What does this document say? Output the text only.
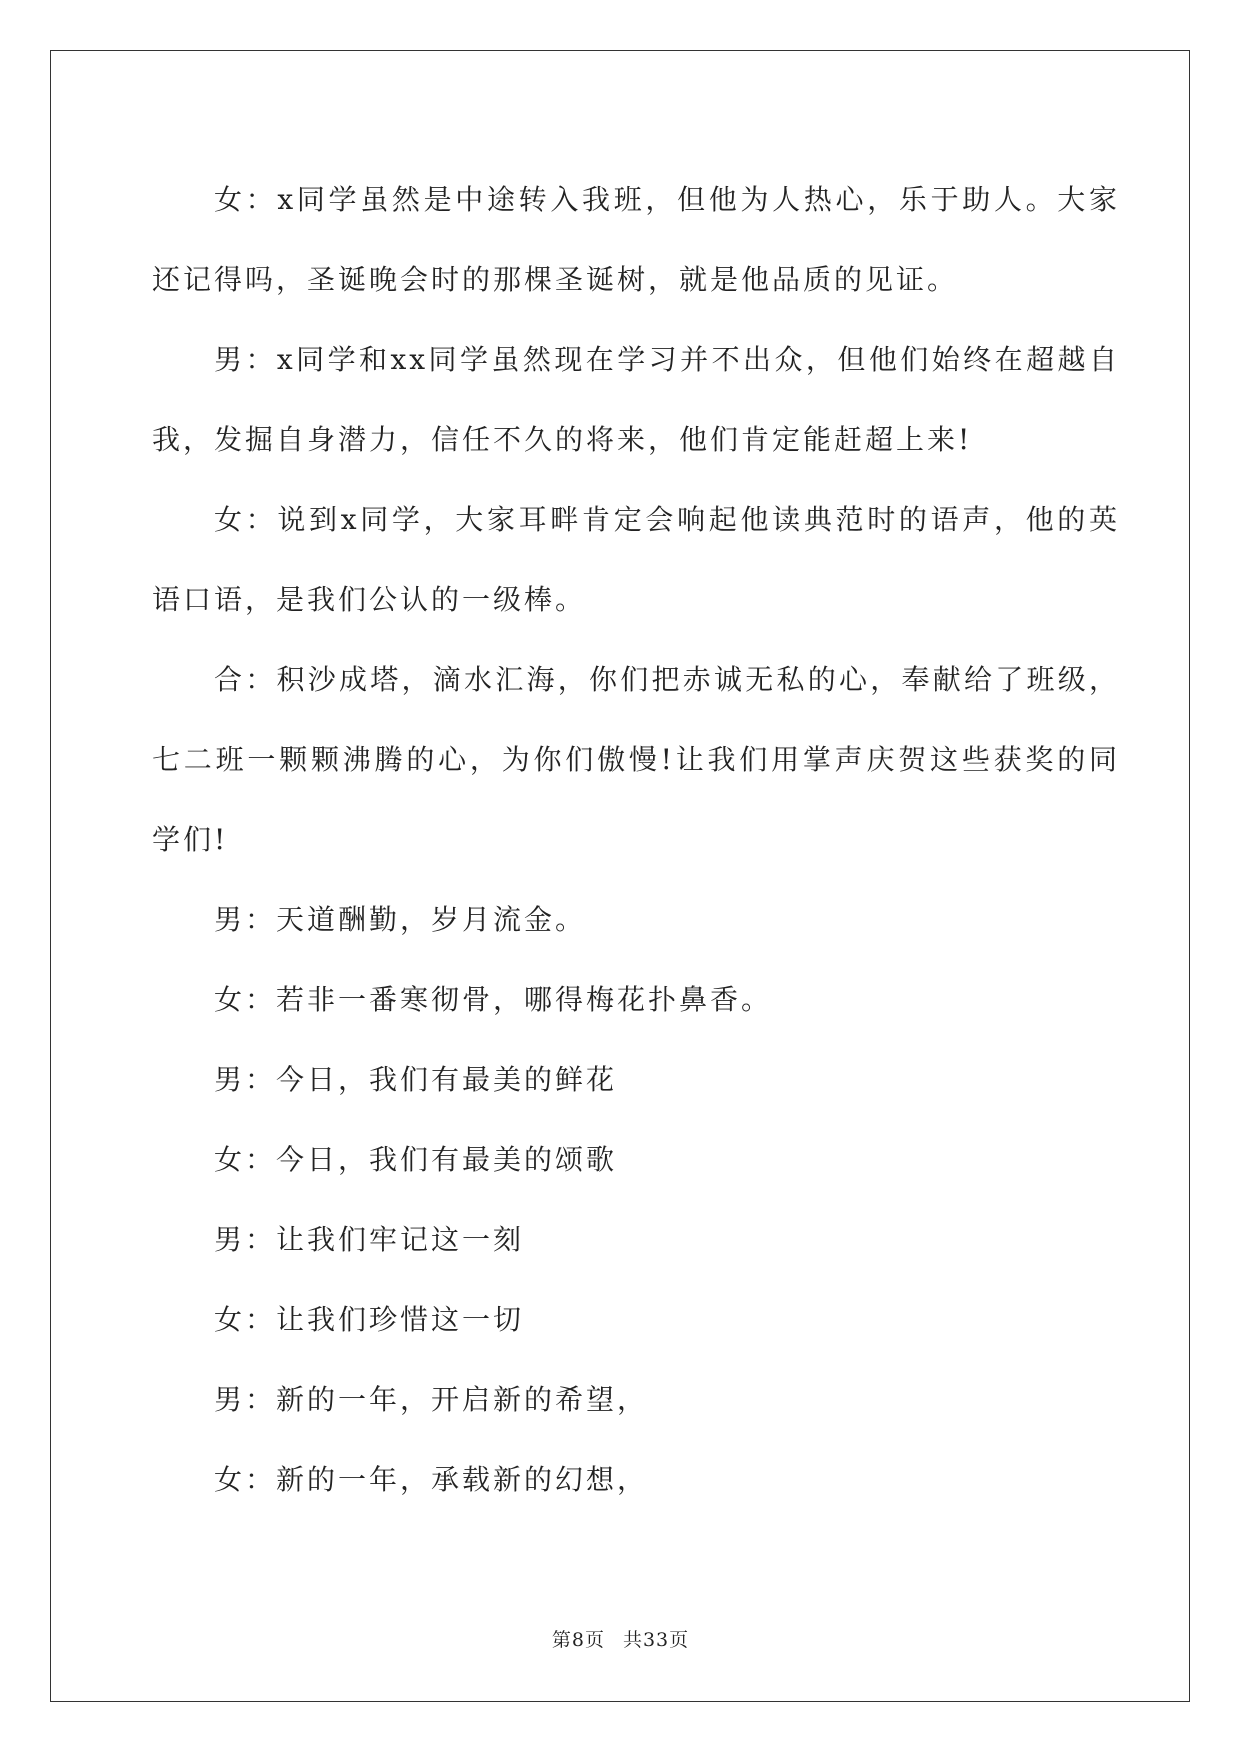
女：x同学虽然是中途转入我班，但他为人热心，乐于助人。大家还记得吗，圣诞晚会时的那棵圣诞树，就是他品质的见证。

男：x同学和xx同学虽然现在学习并不出众，但他们始终在超越自我，发掘自身潜力，信任不久的将来，他们肯定能赶超上来!

女：说到x同学，大家耳畔肯定会响起他读典范时的语声，他的英语口语，是我们公认的一级棒。

合：积沙成塔，滴水汇海，你们把赤诚无私的心，奉献给了班级，七二班一颗颗沸腾的心，为你们傲慢!让我们用掌声庆贺这些获奖的同学们!

男：天道酬勤，岁月流金。

女：若非一番寒彻骨，哪得梅花扑鼻香。

男：今日，我们有最美的鲜花

女：今日，我们有最美的颂歌

男：让我们牢记这一刻

女：让我们珍惜这一切

男：新的一年，开启新的希望，

女：新的一年，承载新的幻想，

第8页 共33页
